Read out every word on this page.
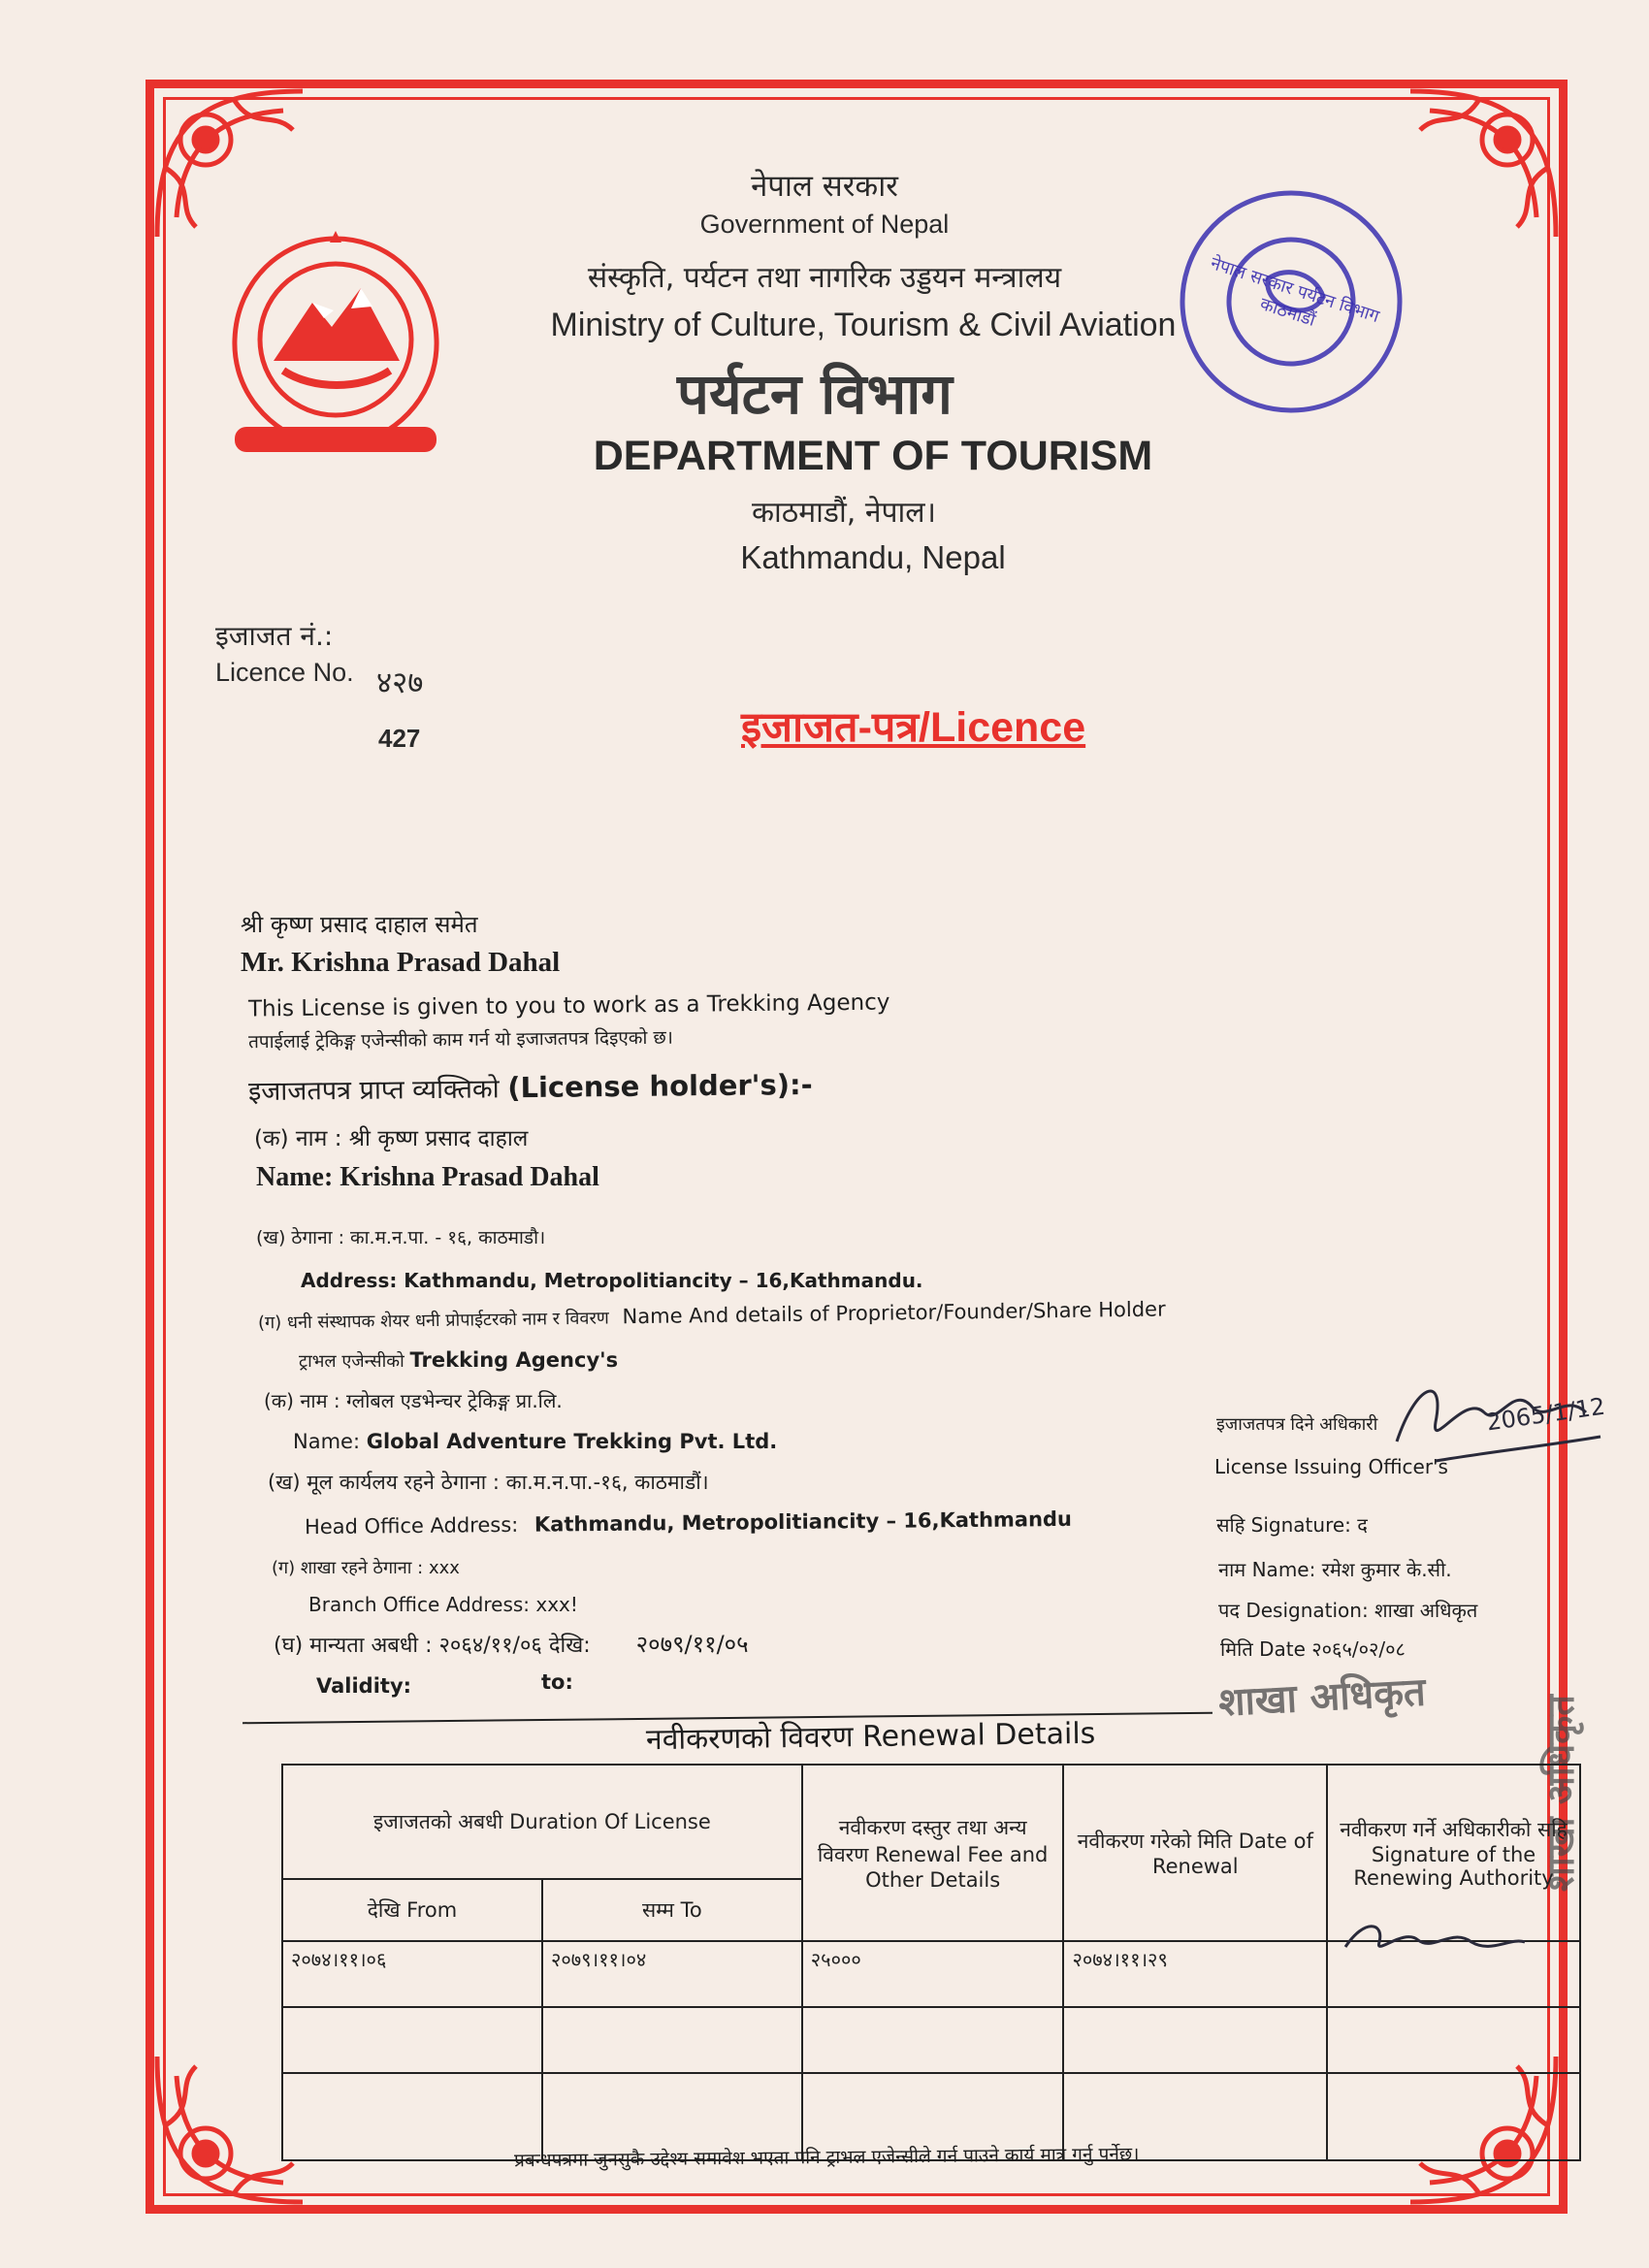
नेपाल सरकार
Government of Nepal
संस्कृति, पर्यटन तथा नागरिक उड्डयन मन्त्रालय
Ministry of Culture, Tourism & Civil Aviation
पर्यटन विभाग
DEPARTMENT OF TOURISM
काठमाडौं, नेपाल।
Kathmandu, Nepal
नेपाल सरकार पर्यटन विभाग काठमाडौं
इजाजत नं.:
Licence No. ४२७
427	इजाजत-पत्र/Licence
श्री कृष्ण प्रसाद दाहाल समेत
Mr. Krishna Prasad Dahal
This License is given to you to work as a Trekking Agency
तपाईलाई ट्रेकिङ्ग एजेन्सीको काम गर्न यो इजाजतपत्र दिइएको छ।
इजाजतपत्र प्राप्त व्यक्तिको (License holder's):-
(क) नाम : श्री कृष्ण प्रसाद दाहाल
Name: Krishna Prasad Dahal
(ख) ठेगाना : का.म.न.पा. - १६, काठमाडौ।
Address: Kathmandu, Metropolitiancity – 16,Kathmandu.
(ग) धनी संस्थापक शेयर धनी प्रोपाईटरको नाम र विवरण Name And details of Proprietor/Founder/Share Holder
ट्राभल एजेन्सीको Trekking Agency's
(क) नाम : ग्लोबल एडभेन्चर ट्रेकिङ्ग प्रा.लि.
Name: Global Adventure Trekking Pvt. Ltd.
(ख) मूल कार्यलय रहने ठेगाना : का.म.न.पा.-१६, काठमाडौं।
Head Office Address: Kathmandu, Metropolitiancity – 16,Kathmandu
(ग) शाखा रहने ठेगाना : xxx
Branch Office Address: xxx!
(घ) मान्यता अबधी : २०६४/११/०६ देखि: २०७९/११/०५
Validity:	to:
इजाजतपत्र दिने अधिकारी
License Issuing Officer's
सहि Signature: द
नाम Name: रमेश कुमार के.सी.
पद Designation: शाखा अधिकृत
मिति Date २०६५/०२/०८
2065/1/12
शाखा अधिकृत	शाखा अधिकृत
नवीकरणको विवरण Renewal Details
इजाजतको अबधी Duration Of License		नवीकरण दस्तुर तथा अन्य विवरण Renewal Fee and Other Details	नवीकरण गरेको मिति Date of Renewal	नवीकरण गर्ने अधिकारीको सहि Signature of the Renewing Authority
देखि From	सम्म To			
२०७४।११।०६	२०७९।११।०४	२५०००	२०७४।११।२९	

प्रबन्धपत्रमा जुनसुकै उद्देश्य समावेश भएता पनि ट्राभल एजेन्सीले गर्न पाउने कार्य मात्र गर्नु पर्नेछ।
